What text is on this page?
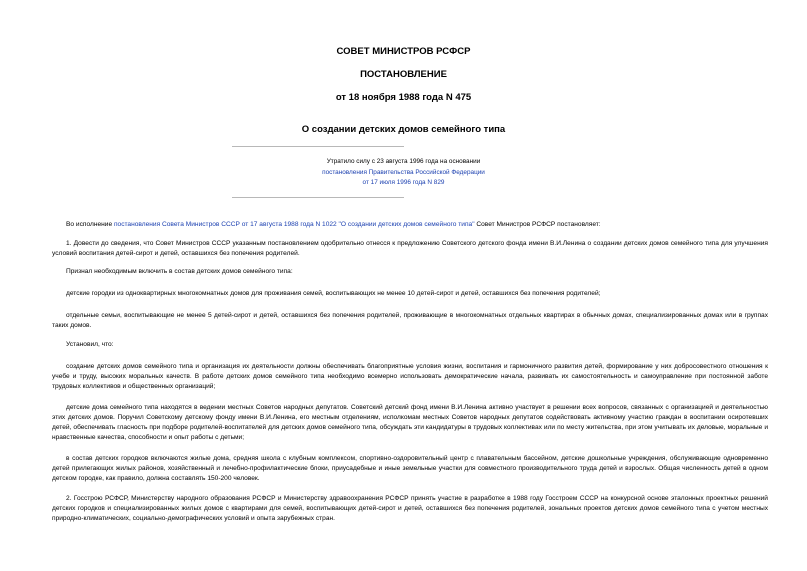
СОВЕТ МИНИСТРОВ РСФСР
ПОСТАНОВЛЕНИЕ
от 18 ноября 1988 года N 475
О создании детских домов семейного типа
Утратило силу с 23 августа 1996 года на основании
постановления Правительства Российской Федерации
от 17 июля 1996 года N 829

Во исполнение постановления Совета Министров СССР от 17 августа 1988 года N 1022 "О создании детских домов семейного типа" Совет Министров РСФСР постановляет:

1. Довести до сведения, что Совет Министров СССР указанным постановлением одобрительно отнесся к предложению Советского детского фонда имени В.И.Ленина о создании детских домов семейного типа для улучшения условий воспитания детей-сирот и детей, оставшихся без попечения родителей.

Признал необходимым включить в состав детских домов семейного типа:

детские городки из одноквартирных многокомнатных домов для проживания семей, воспитывающих не менее 10 детей-сирот и детей, оставшихся без попечения родителей;

отдельные семьи, воспитывающие не менее 5 детей-сирот и детей, оставшихся без попечения родителей, проживающие в многокомнатных отдельных квартирах в обычных домах, специализированных домах или в группах таких домов.

Установил, что:

создание детских домов семейного типа и организация их деятельности должны обеспечивать благоприятные условия жизни, воспитания и гармоничного развития детей, формирование у них добросовестного отношения к учебе и труду, высоких моральных качеств. В работе детских домов семейного типа необходимо всемерно использовать демократические начала, развивать их самостоятельность и самоуправление при постоянной заботе трудовых коллективов и общественных организаций;

детские дома семейного типа находятся в ведении местных Советов народных депутатов. Советский детский фонд имени В.И.Ленина активно участвует в решении всех вопросов, связанных с организацией и деятельностью этих детских домов. Поручил Советскому детскому фонду имени В.И.Ленина, его местным отделениям, исполкомам местных Советов народных депутатов содействовать активному участию граждан в воспитании осиротевших детей, обеспечивать гласность при подборе родителей-воспитателей для детских домов семейного типа, обсуждать эти кандидатуры в трудовых коллективах или по месту жительства, при этом учитывать их деловые, моральные и нравственные качества, способности и опыт работы с детьми;

в состав детских городков включаются жилые дома, средняя школа с клубным комплексом, спортивно-оздоровительный центр с плавательным бассейном, детские дошкольные учреждения, обслуживающие одновременно детей прилегающих жилых районов, хозяйственный и лечебно-профилактические блоки, приусадебные и иные земельные участки для совместного производительного труда детей и взрослых. Общая численность детей в одном детском городке, как правило, должна составлять 150-200 человек.

2. Госстрою РСФСР, Министерству народного образования РСФСР и Министерству здравоохранения РСФСР принять участие в разработке в 1988 году Госстроем СССР на конкурсной основе эталонных проектных решений детских городков и специализированных жилых домов с квартирами для семей, воспитывающих детей-сирот и детей, оставшихся без попечения родителей, зональных проектов детских домов семейного типа с учетом местных природно-климатических, социально-демографических условий и опыта зарубежных стран.
